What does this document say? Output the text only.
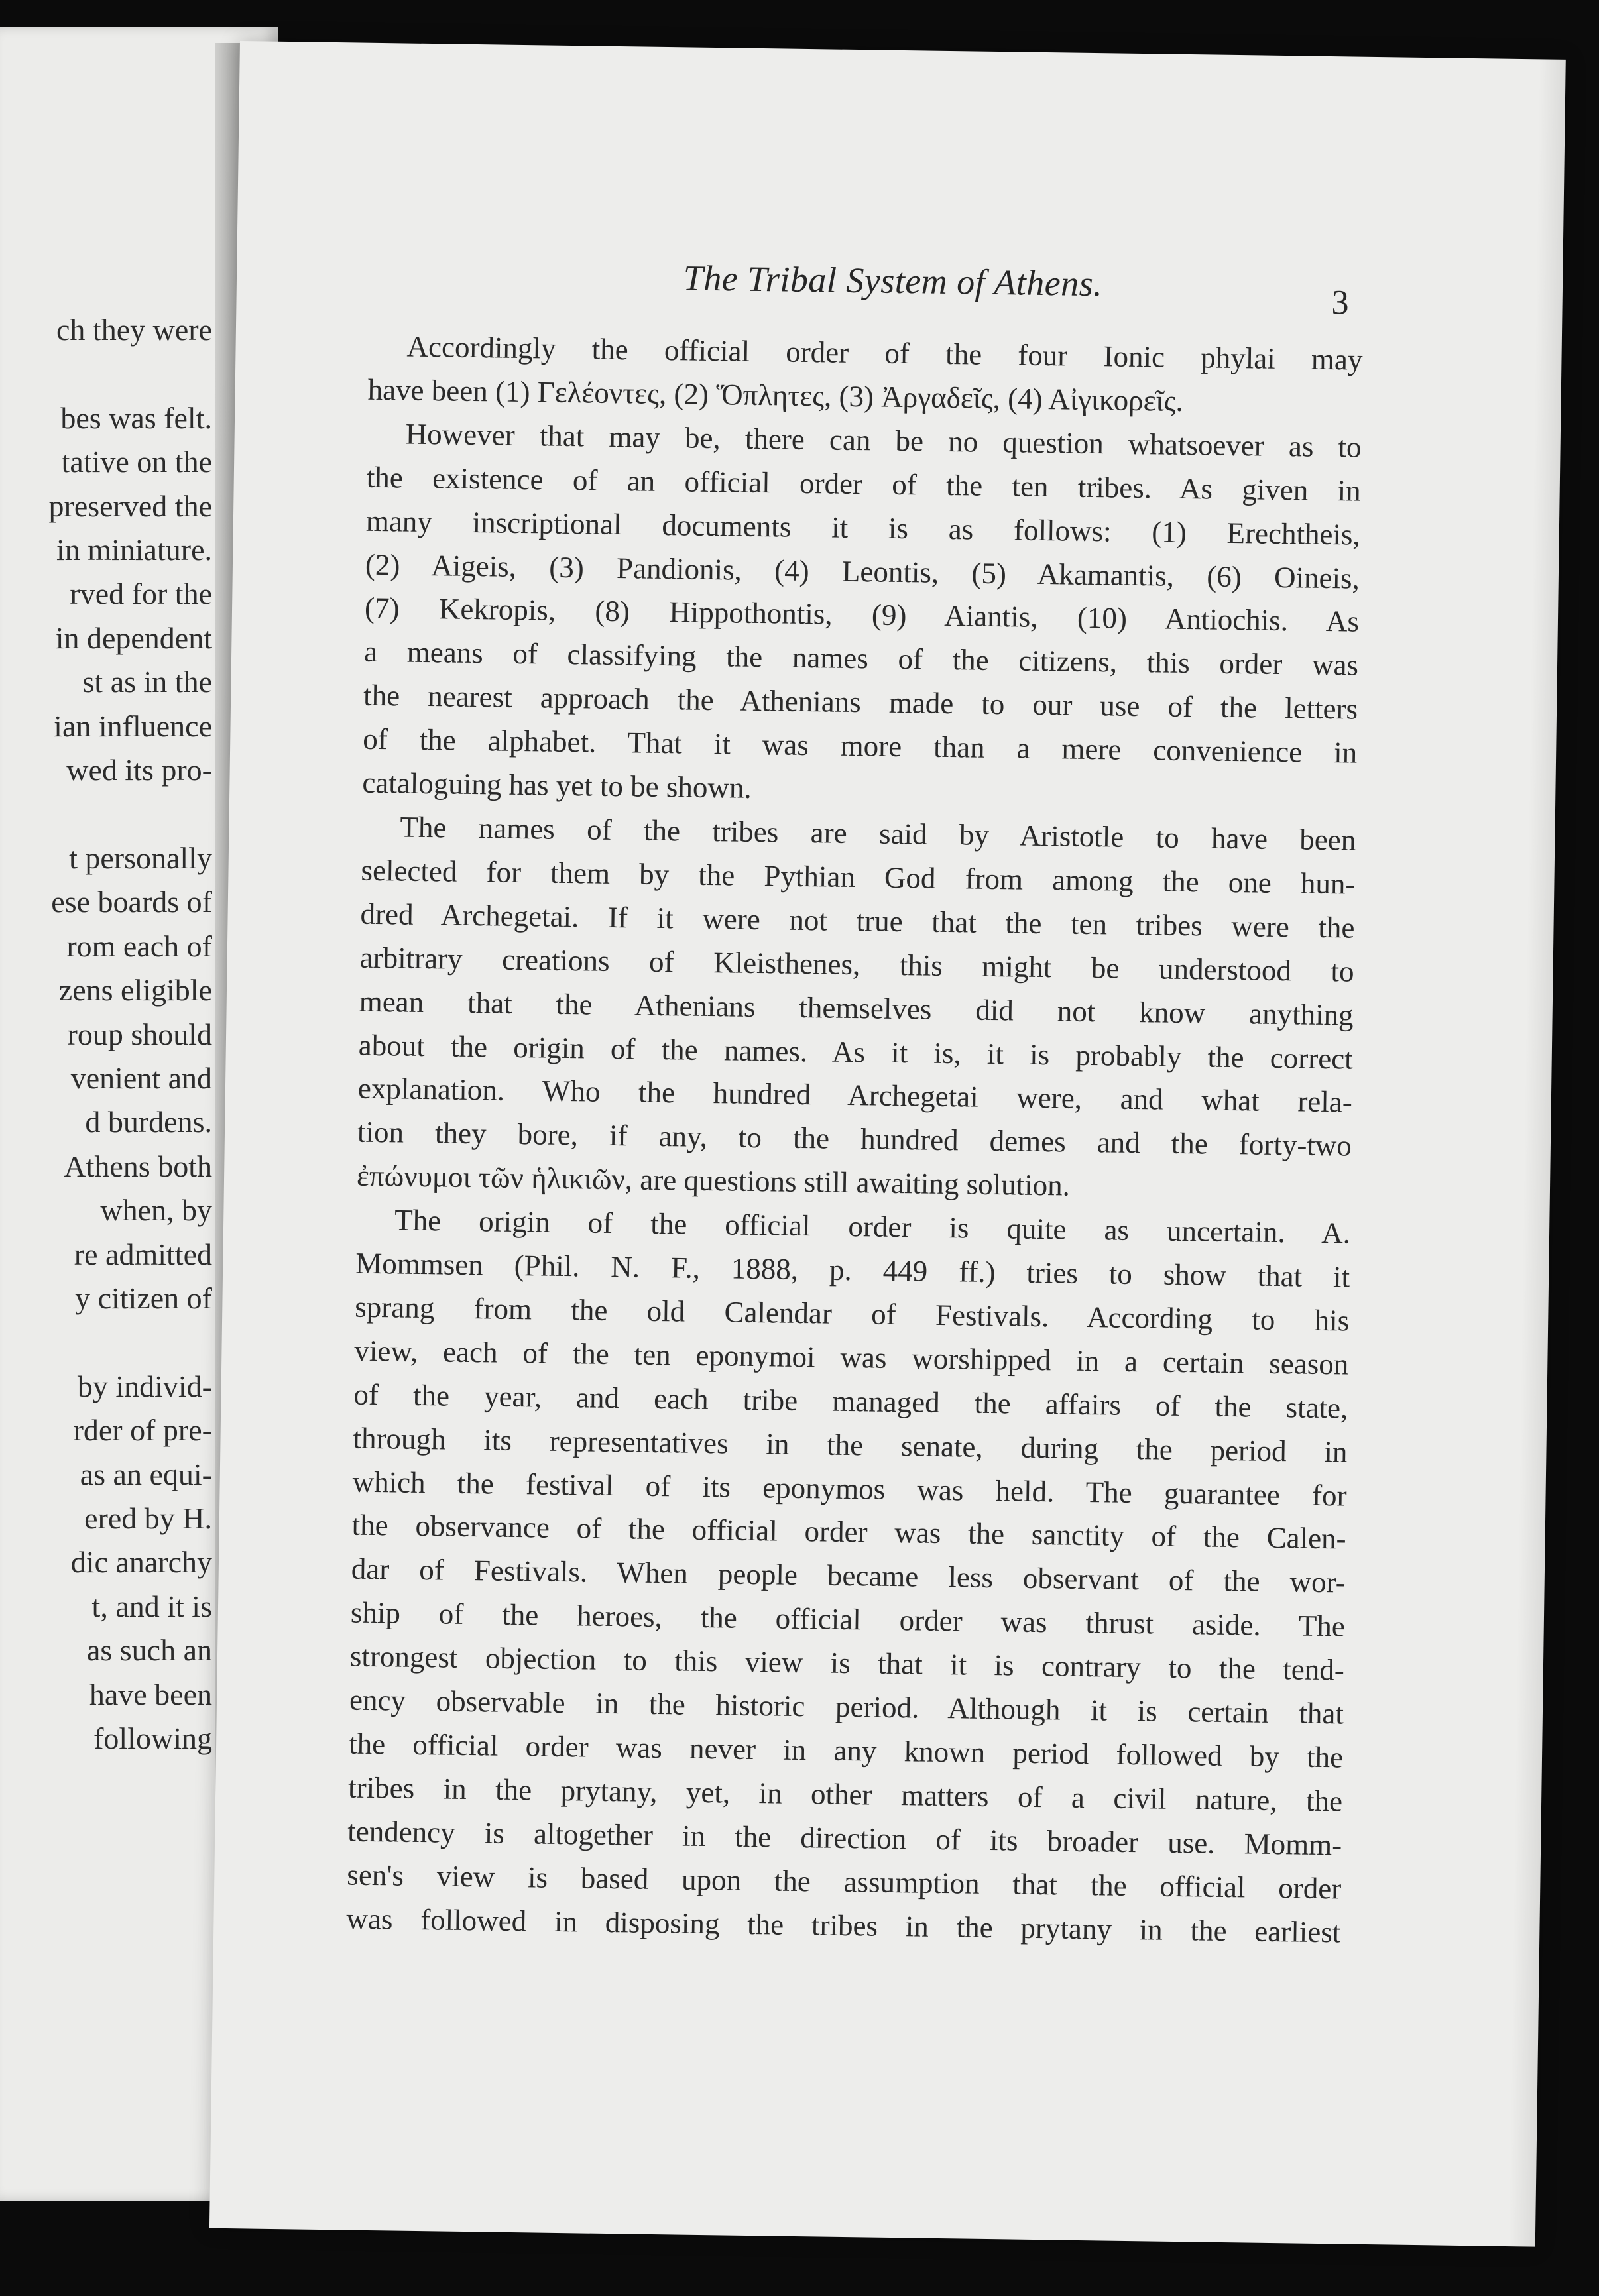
ch they were

bes was felt.
tative on the
preserved the
in miniature.
rved for the
in dependent
st as in the
ian influence
wed its pro-

t personally
ese boards of
rom each of
zens eligible
roup should
venient and
d burdens.
Athens both
when, by
re admitted
y citizen of

by individ-
rder of pre-
as an equi-
ered by H.
dic anarchy
t, and it is
as such an
have been
following
The Tribal System of Athens.	3
Accordingly the official order of the four Ionic phylai may
have been (1) Γελέοντες, (2) Ὅπλητες, (3) Ἀργαδεῖς, (4) Αἰγικορεῖς.
However that may be, there can be no question whatsoever as to
the existence of an official order of the ten tribes. As given in
many inscriptional documents it is as follows: (1) Erechtheis,
(2) Aigeis, (3) Pandionis, (4) Leontis, (5) Akamantis, (6) Oineis,
(7) Kekropis, (8) Hippothontis, (9) Aiantis, (10) Antiochis. As
a means of classifying the names of the citizens, this order was
the nearest approach the Athenians made to our use of the letters
of the alphabet. That it was more than a mere convenience in
cataloguing has yet to be shown.
The names of the tribes are said by Aristotle to have been
selected for them by the Pythian God from among the one hun-
dred Archegetai. If it were not true that the ten tribes were the
arbitrary creations of Kleisthenes, this might be understood to
mean that the Athenians themselves did not know anything
about the origin of the names. As it is, it is probably the correct
explanation. Who the hundred Archegetai were, and what rela-
tion they bore, if any, to the hundred demes and the forty-two
ἐπώνυμοι τῶν ἡλικιῶν, are questions still awaiting solution.
The origin of the official order is quite as uncertain. A.
Mommsen (Phil. N. F., 1888, p. 449 ff.) tries to show that it
sprang from the old Calendar of Festivals. According to his
view, each of the ten eponymoi was worshipped in a certain season
of the year, and each tribe managed the affairs of the state,
through its representatives in the senate, during the period in
which the festival of its eponymos was held. The guarantee for
the observance of the official order was the sanctity of the Calen-
dar of Festivals. When people became less observant of the wor-
ship of the heroes, the official order was thrust aside. The
strongest objection to this view is that it is contrary to the tend-
ency observable in the historic period. Although it is certain that
the official order was never in any known period followed by the
tribes in the prytany, yet, in other matters of a civil nature, the
tendency is altogether in the direction of its broader use. Momm-
sen's view is based upon the assumption that the official order
was followed in disposing the tribes in the prytany in the earliest
